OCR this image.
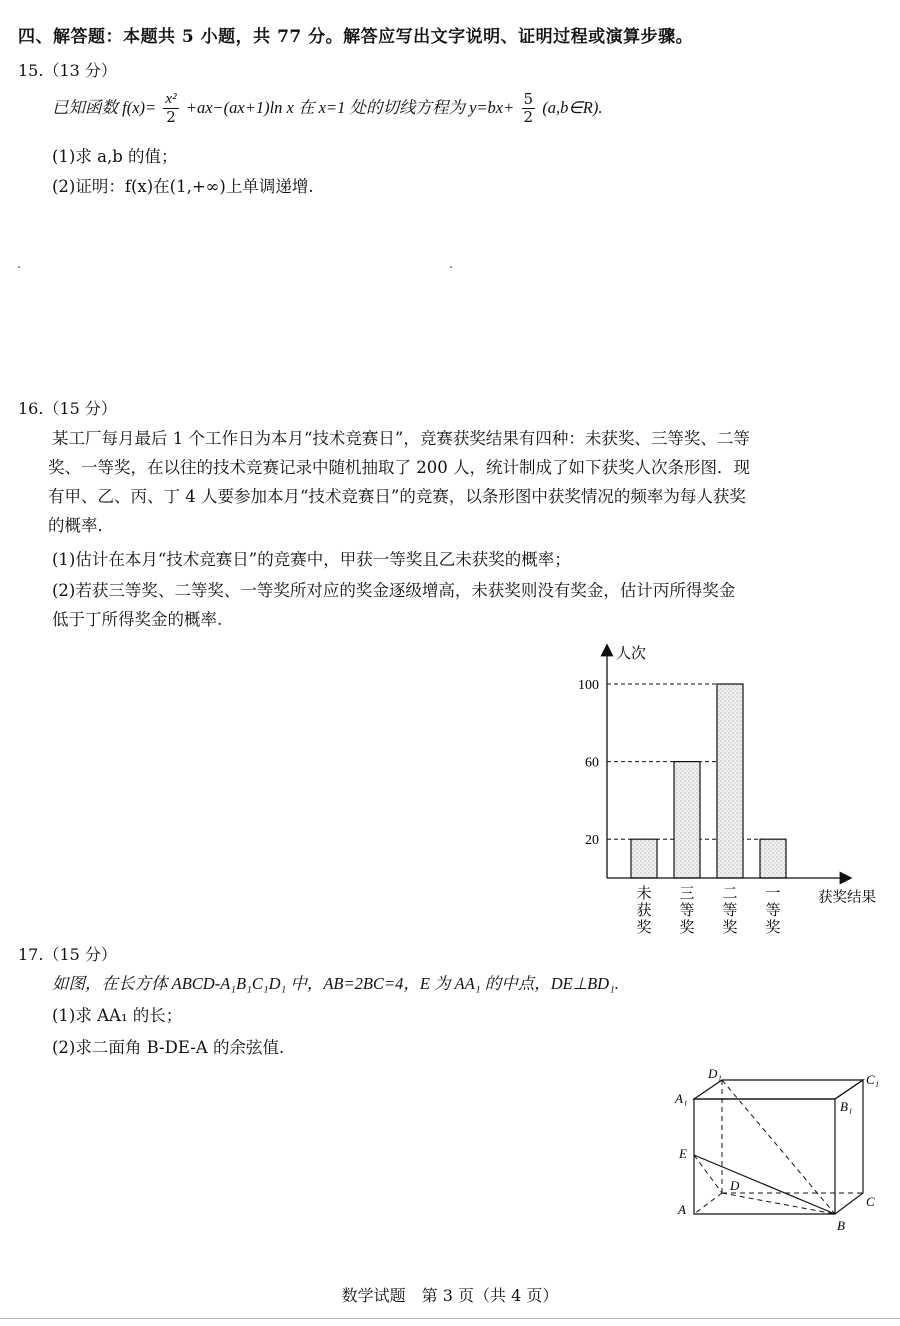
四、解答题：本题共 5 小题，共 77 分。解答应写出文字说明、证明过程或演算步骤。
15.（13 分）
已知函数 $f(x)= \frac{\text{x²}}{2} +ax-(ax+1)\ln$ x 在 x=1 处的切线方程为 $y=bx+ \frac{5}{2}$ (a,b∈R).
(1)求 a,b 的值；
(2)证明：f(x)在(1,+∞)上单调递增.
16.（15 分）
某工厂每月最后 1 个工作日为本月“技术竞赛日”，竞赛获奖结果有四种：未获奖、三等奖、二等
奖、一等奖，在以往的技术竞赛记录中随机抽取了 200 人，统计制成了如下获奖人次条形图．现
有甲、乙、丙、丁 4 人要参加本月“技术竞赛日”的竞赛，以条形图中获奖情况的频率为每人获奖
的概率．
(1)估计在本月“技术竞赛日”的竞赛中，甲获一等奖且乙未获奖的概率；
(2)若获三等奖、二等奖、一等奖所对应的奖金逐级增高，未获奖则没有奖金，估计丙所得奖金
低于丁所得奖金的概率.
20
60
100
人次
获奖结果
未
获
奖
三
等
奖
二
等
奖
一
等
奖
17.（15 分）
如图，在长方体 ABCD-A₁B₁C₁D₁ 中，AB=2BC=4，E 为 AA₁ 的中点，DE⊥BD₁.
(1)求 AA₁ 的长；
(2)求二面角 B-DE-A 的余弦值.
D₁	C₁
A₁
B₁
E
D
A
C
B
数学试题　第 3 页（共 4 页）
